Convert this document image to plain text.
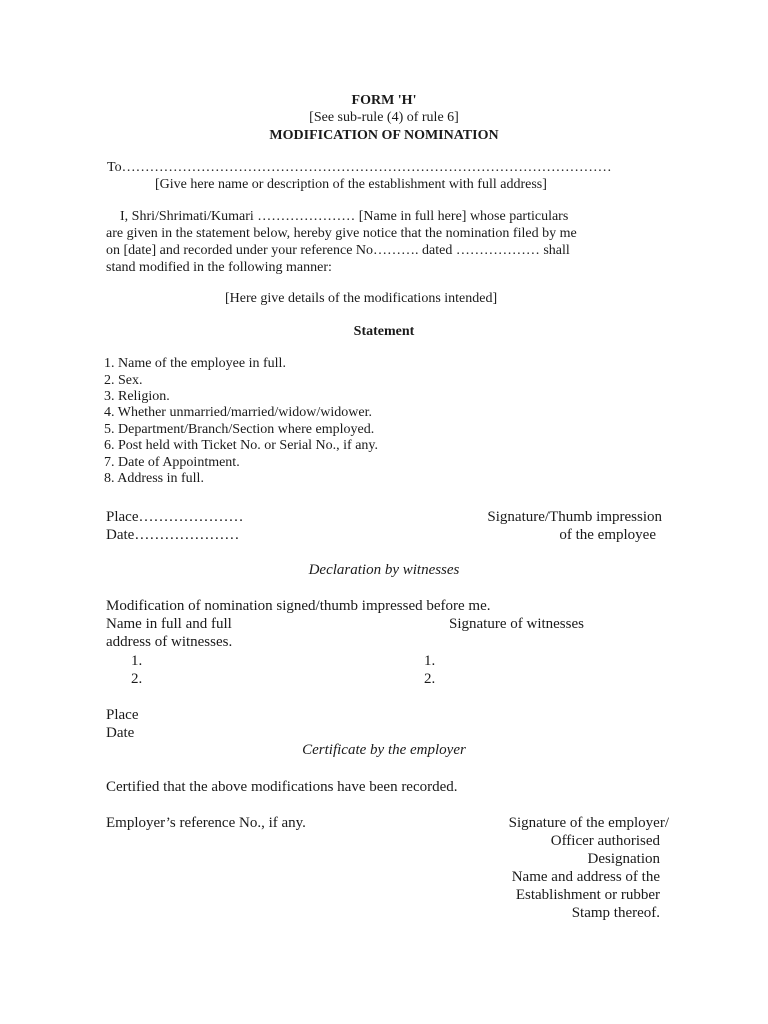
FORM 'H'
[See sub-rule (4) of rule 6]
MODIFICATION OF NOMINATION
To……………………………………………………………………………………………
[Give here name or description of the establishment with full address]
I, Shri/Shrimati/Kumari ………………… [Name in full here] whose particulars
are given in the statement below, hereby give notice that the nomination filed by me
on [date] and recorded under your reference No………. dated ……………… shall
stand modified in the following manner:
[Here give details of the modifications intended]
Statement
1. Name of the employee in full.
2. Sex.
3. Religion.
4. Whether unmarried/married/widow/widower.
5. Department/Branch/Section where employed.
6. Post held with Ticket No. or Serial No., if any.
7. Date of Appointment.
8. Address in full.
Place…………………
Date…………………
Signature/Thumb impression
of the employee
Declaration by witnesses
Modification of nomination signed/thumb impressed before me.
Name in full and full
address of witnesses.
Signature of witnesses
1.
2.
1.
2.
Place
Date
Certificate by the employer
Certified that the above modifications have been recorded.
Employer’s reference No., if any.	Signature of the employer/
Officer authorised
Designation
Name and address of the
Establishment or rubber
Stamp thereof.
